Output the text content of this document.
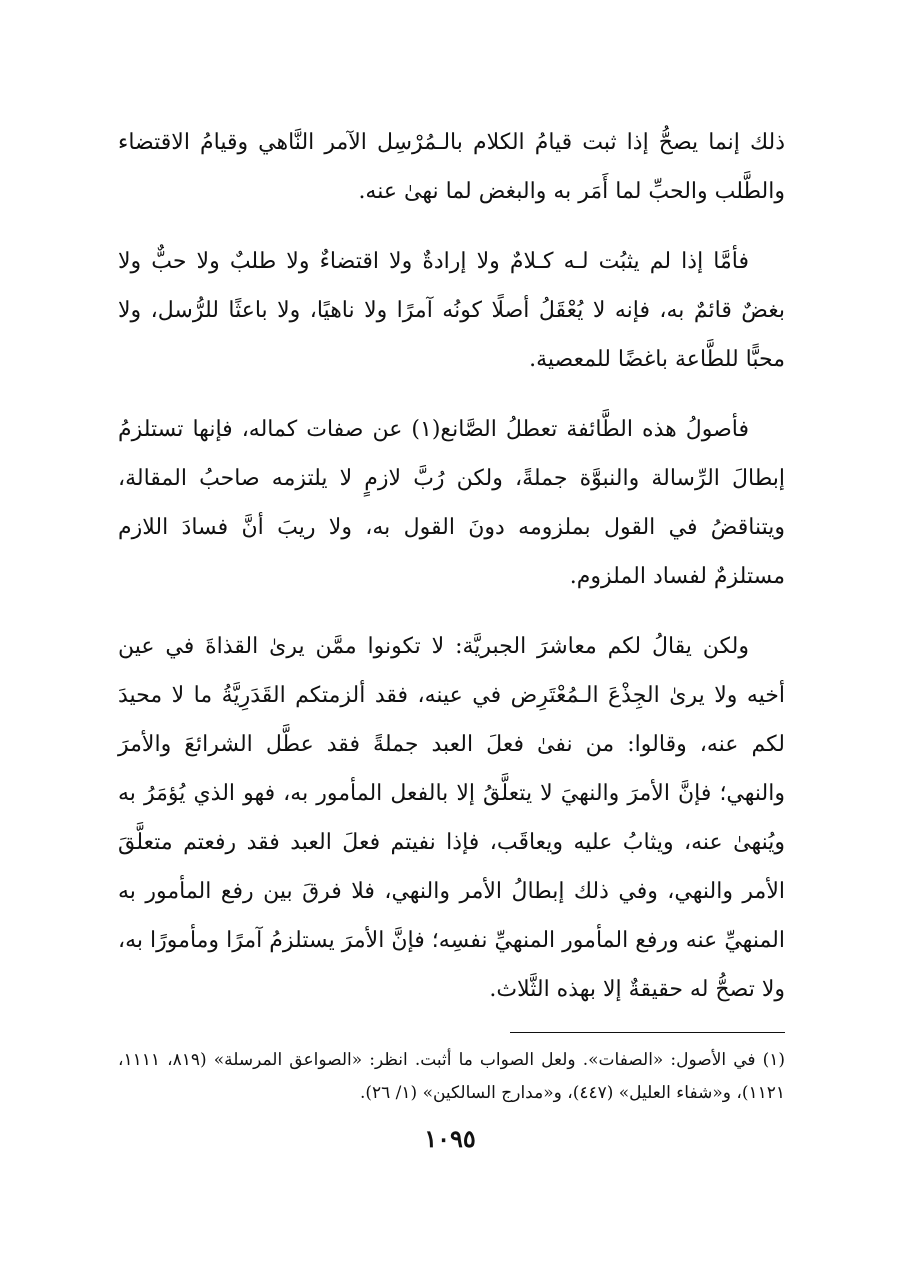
ذلك إنما يصحُّ إذا ثبت قيامُ الكلام بالـمُرْسِل الآمر النَّاهي وقيامُ الاقتضاء والطَّلب والحبِّ لما أَمَر به والبغض لما نهىٰ عنه.

فأمَّا إذا لم يثبُت لـه كـلامٌ ولا إرادةٌ ولا اقتضاءٌ ولا طلبٌ ولا حبٌّ ولا بغضٌ قائمٌ به، فإنه لا يُعْقَلُ أصلًا كونُه آمرًا ولا ناهيًا، ولا باعثًا للرُّسل، ولا محبًّا للطَّاعة باغضًا للمعصية.

فأصولُ هذه الطَّائفة تعطلُ الصَّانع(١) عن صفات كماله، فإنها تستلزمُ إبطالَ الرِّسالة والنبوَّة جملةً، ولكن رُبَّ لازمٍ لا يلتزمه صاحبُ المقالة، ويتناقضُ في القول بملزومه دونَ القول به، ولا ريبَ أنَّ فسادَ اللازم مستلزمٌ لفساد الملزوم.

ولكن يقالُ لكم معاشرَ الجبريَّة: لا تكونوا ممَّن يرىٰ القذاةَ في عين أخيه ولا يرىٰ الجِذْعَ الـمُعْتَرِض في عينه، فقد ألزمتكم القَدَرِيَّةُ ما لا محيدَ لكم عنه، وقالوا: من نفىٰ فعلَ العبد جملةً فقد عطَّل الشرائعَ والأمرَ والنهي؛ فإنَّ الأمرَ والنهيَ لا يتعلَّقُ إلا بالفعل المأمور به، فهو الذي يُؤمَرُ به ويُنهىٰ عنه، ويثابُ عليه ويعاقَب، فإذا نفيتم فعلَ العبد فقد رفعتم متعلَّقَ الأمر والنهي، وفي ذلك إبطالُ الأمر والنهي، فلا فرقَ بين رفع المأمور به المنهيِّ عنه ورفع المأمور المنهيِّ نفسِه؛ فإنَّ الأمرَ يستلزمُ آمرًا ومأمورًا به، ولا تصحُّ له حقيقةٌ إلا بهذه الثَّلاث.

(١) في الأصول: «الصفات». ولعل الصواب ما أثبت. انظر: «الصواعق المرسلة» (٨١٩، ١١١١، ١١٢١)، و«شفاء العليل» (٤٤٧)، و«مدارج السالكين» (١/ ٢٦).

١٠٩٥
